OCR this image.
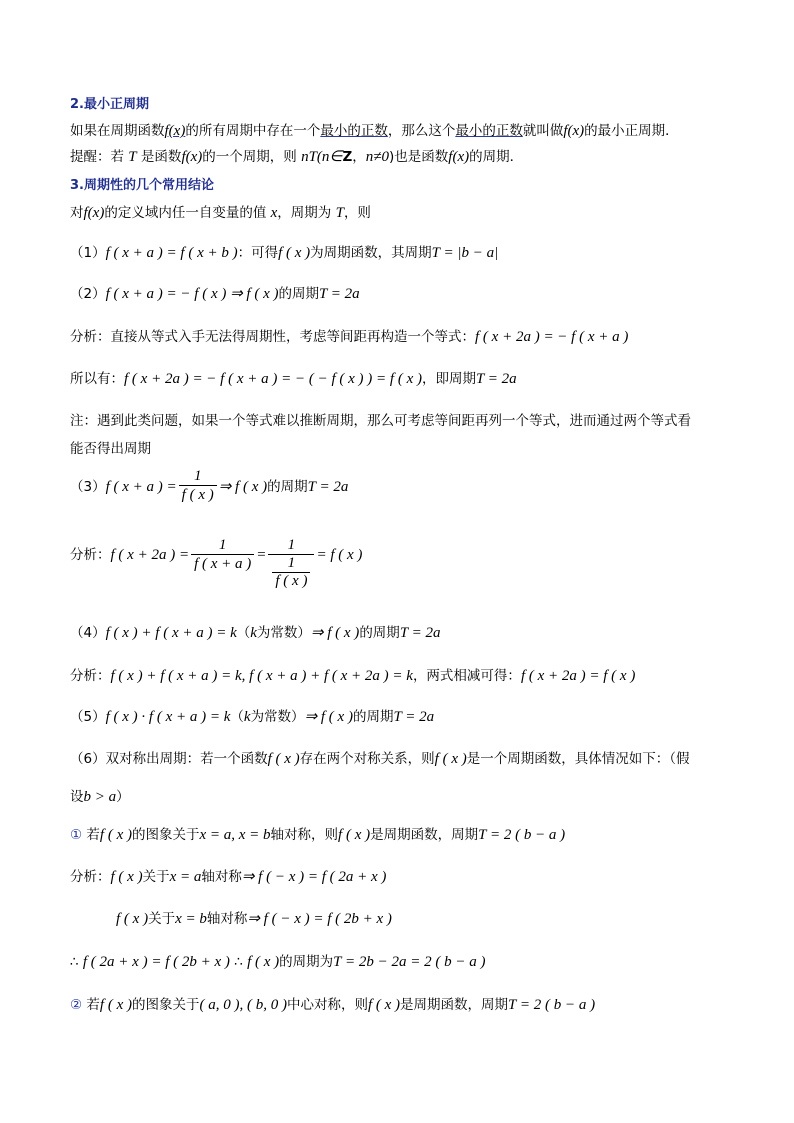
2.最小正周期
如果在周期函数f(x)的所有周期中存在一个最小的正数，那么这个最小的正数就叫做f(x)的最小正周期．
提醒：若 T 是函数f(x)的一个周期，则 nT(n∈Z，n≠0)也是函数f(x)的周期．
3.周期性的几个常用结论
对f(x)的定义域内任一自变量的值 x，周期为 T，则
（1）f ( x + a ) = f ( x + b )：可得f ( x )为周期函数，其周期T = |b − a|
（2）f ( x + a ) = − f ( x ) ⇒ f ( x )的周期T = 2a
分析：直接从等式入手无法得周期性，考虑等间距再构造一个等式：f ( x + 2a ) = − f ( x + a )
所以有：f ( x + 2a ) = − f ( x + a ) = − ( − f ( x ) ) = f ( x )，即周期T = 2a
注：遇到此类问题，如果一个等式难以推断周期，那么可考虑等间距再列一个等式，进而通过两个等式看
能否得出周期
（3） f ( x + a ) = $\frac{1}{f ( x )}$ ⇒ f ( x ) 的周期 T = 2a
分析： f ( x + 2a ) = $\frac{1}{f ( x + a )} = \frac{1}{\frac{1}{f ( x )}} = f$ ( x )
（4）f ( x ) + f ( x + a ) = k（k为常数）⇒ f ( x )的周期T = 2a
分析：f ( x ) + f ( x + a ) = k, f ( x + a ) + f ( x + 2a ) = k，两式相减可得：f ( x + 2a ) = f ( x )
（5）f ( x ) · f ( x + a ) = k（k为常数）⇒ f ( x )的周期T = 2a
（6）双对称出周期：若一个函数f ( x )存在两个对称关系，则f ( x )是一个周期函数，具体情况如下：（假
设b > a）
① 若f ( x )的图象关于x = a, x = b轴对称，则f ( x )是周期函数，周期T = 2 ( b − a )
分析：f ( x )关于x = a轴对称⇒ f ( − x ) = f ( 2a + x )
f ( x )关于x = b轴对称⇒ f ( − x ) = f ( 2b + x )
∴ f ( 2a + x ) = f ( 2b + x ) ∴ f ( x )的周期为T = 2b − 2a = 2 ( b − a )
② 若f ( x )的图象关于( a, 0 ), ( b, 0 )中心对称，则f ( x )是周期函数，周期T = 2 ( b − a )
